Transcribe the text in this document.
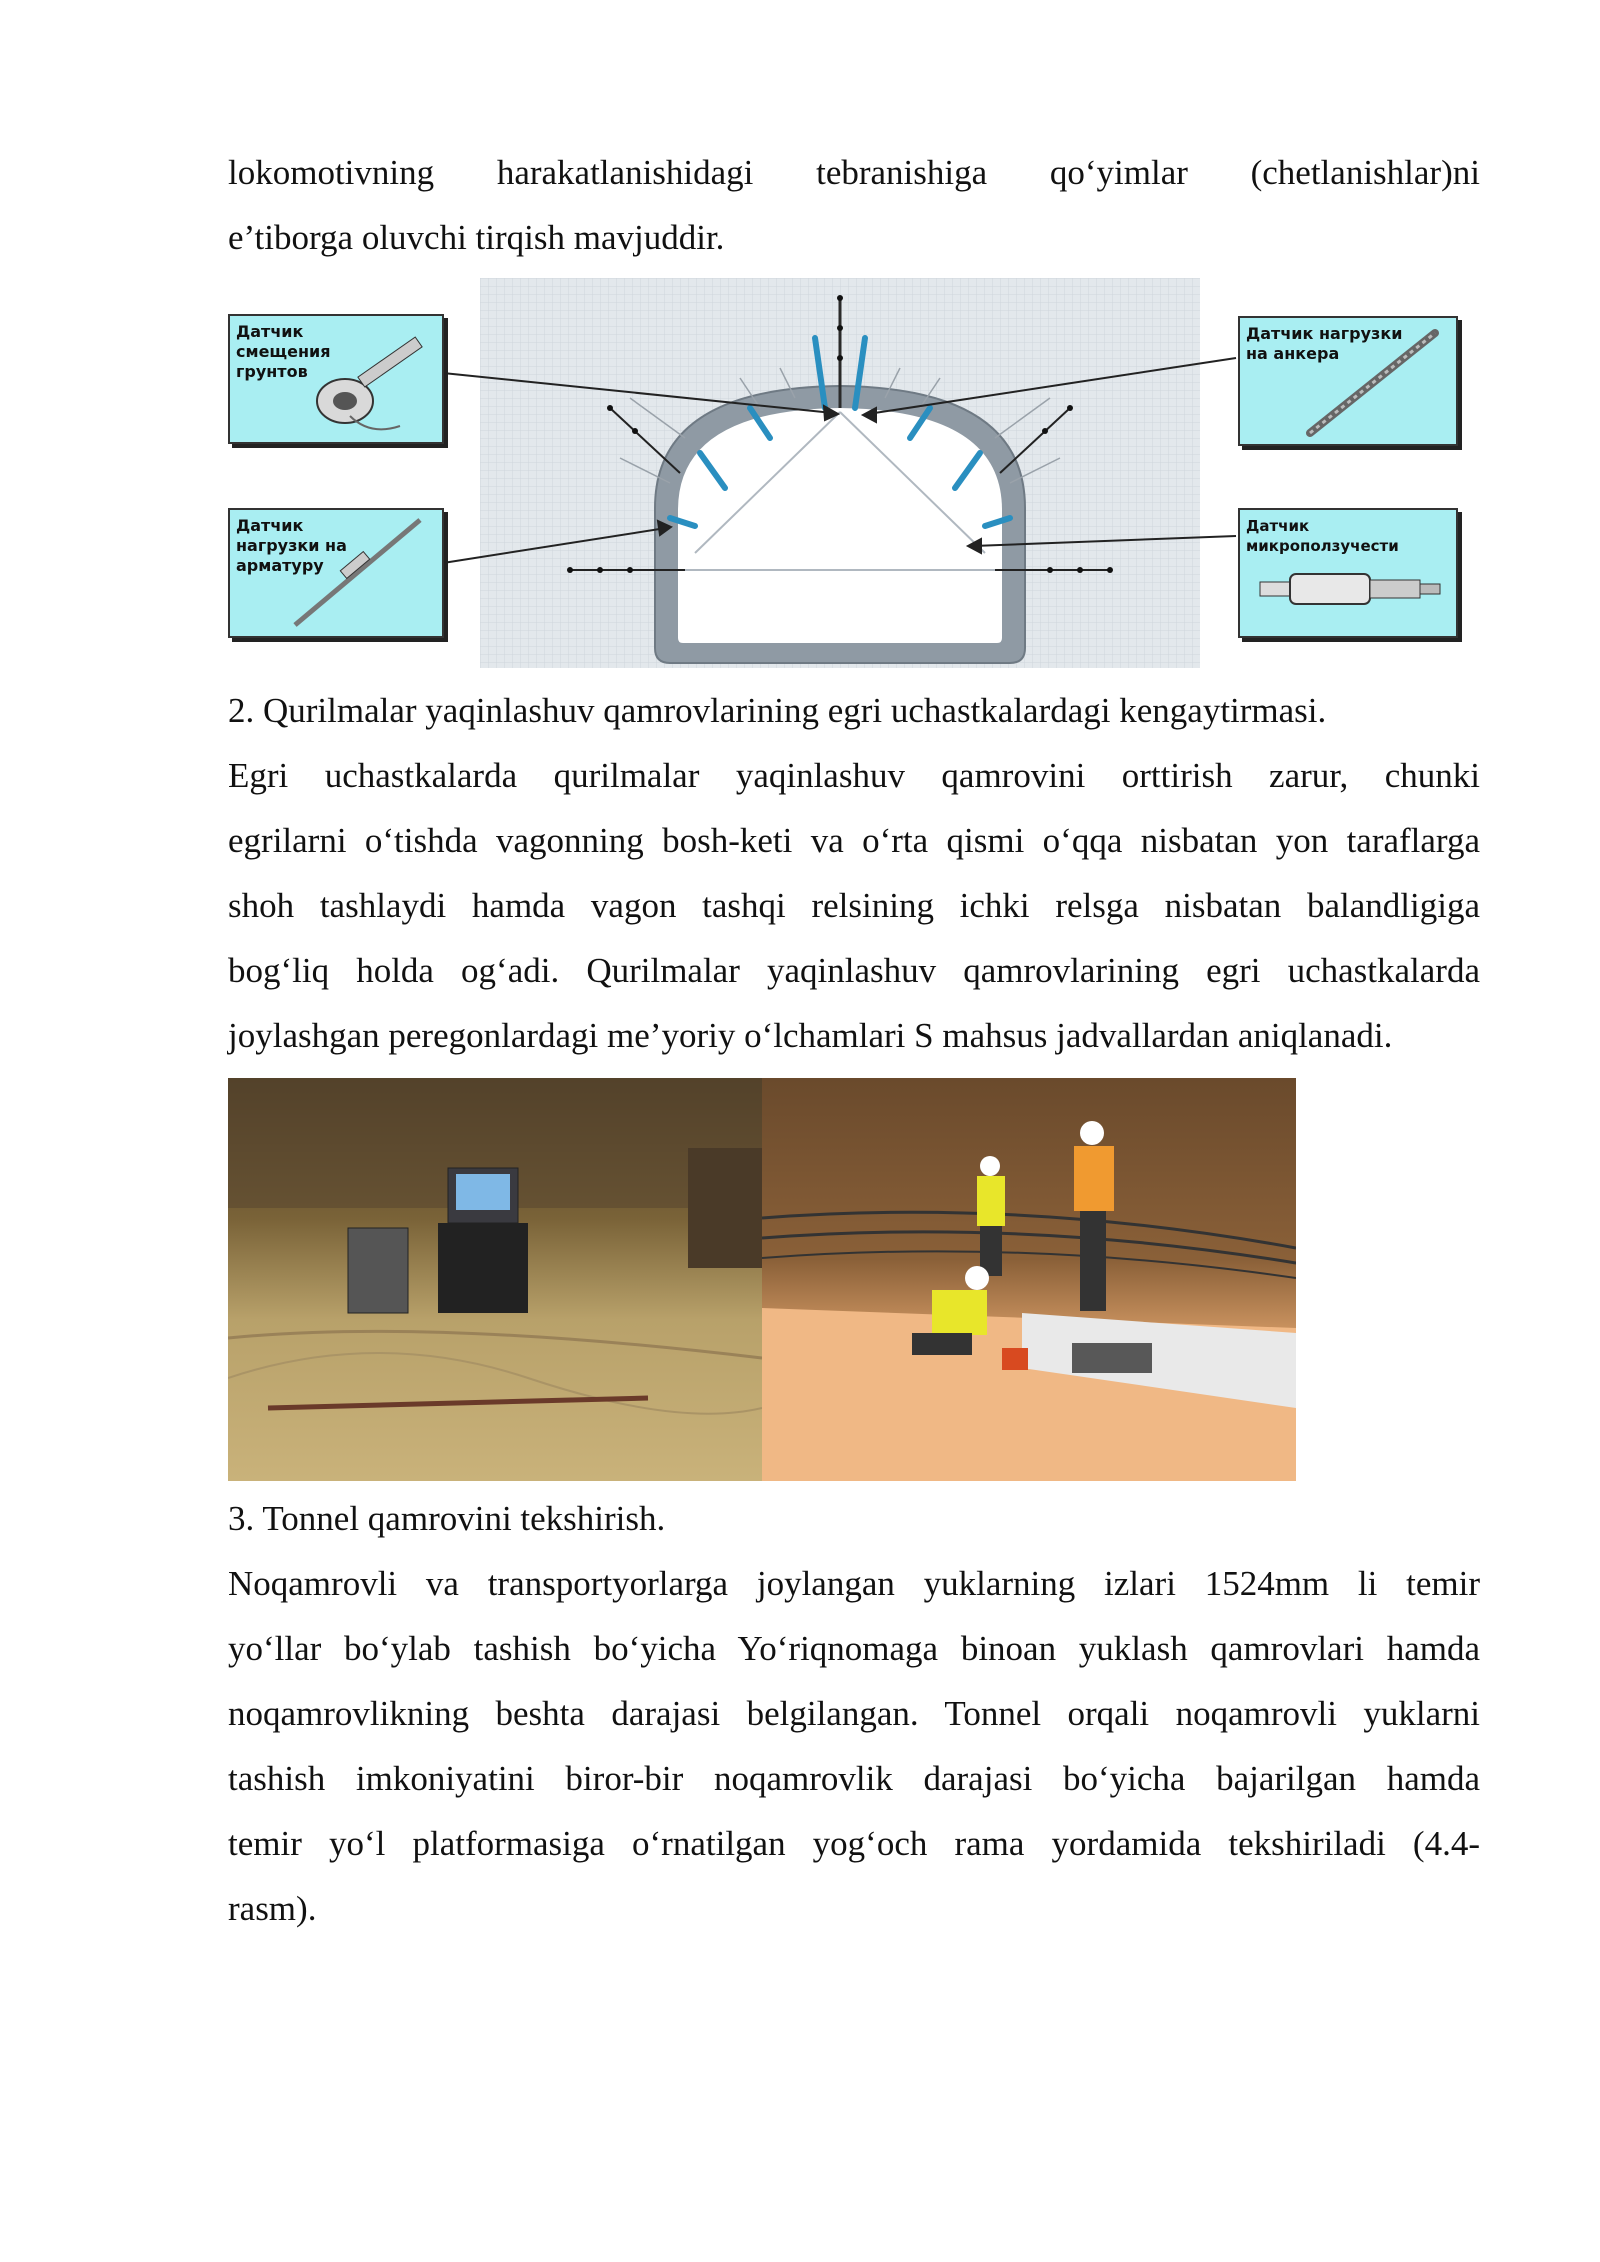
lokomotivning harakatlanishidagi tebranishiga qo‘yimlar (chetlanishlar)ni
e’tiborga oluvchi tirqish mavjuddir.
Датчик
смещения
грунтов
Датчик
нагрузки на
арматуру
Датчик нагрузки
на анкера
Датчик микроползучести

2. Qurilmalar yaqinlashuv qamrovlarining egri uchastkalardagi kengaytirmasi.

Egri uchastkalarda qurilmalar yaqinlashuv qamrovini orttirish zarur, chunki
egrilarni o‘tishda vagonning bosh-keti va o‘rta qismi o‘qqa nisbatan yon taraflarga
shoh tashlaydi hamda vagon tashqi relsining ichki relsga nisbatan balandligiga
bog‘liq holda og‘adi. Qurilmalar yaqinlashuv qamrovlarining egri uchastkalarda
joylashgan peregonlardagi me’yoriy o‘lchamlari S mahsus jadvallardan aniqlanadi.

3. Tonnel qamrovini tekshirish.

Noqamrovli va transportyorlarga joylangan yuklarning izlari 1524mm li temir
yo‘llar bo‘ylab tashish bo‘yicha Yo‘riqnomaga binoan yuklash qamrovlari hamda
noqamrovlikning beshta darajasi belgilangan. Tonnel orqali noqamrovli yuklarni
tashish imkoniyatini biror-bir noqamrovlik darajasi bo‘yicha bajarilgan hamda
temir yo‘l platformasiga o‘rnatilgan yog‘och rama yordamida tekshiriladi (4.4-
rasm).
